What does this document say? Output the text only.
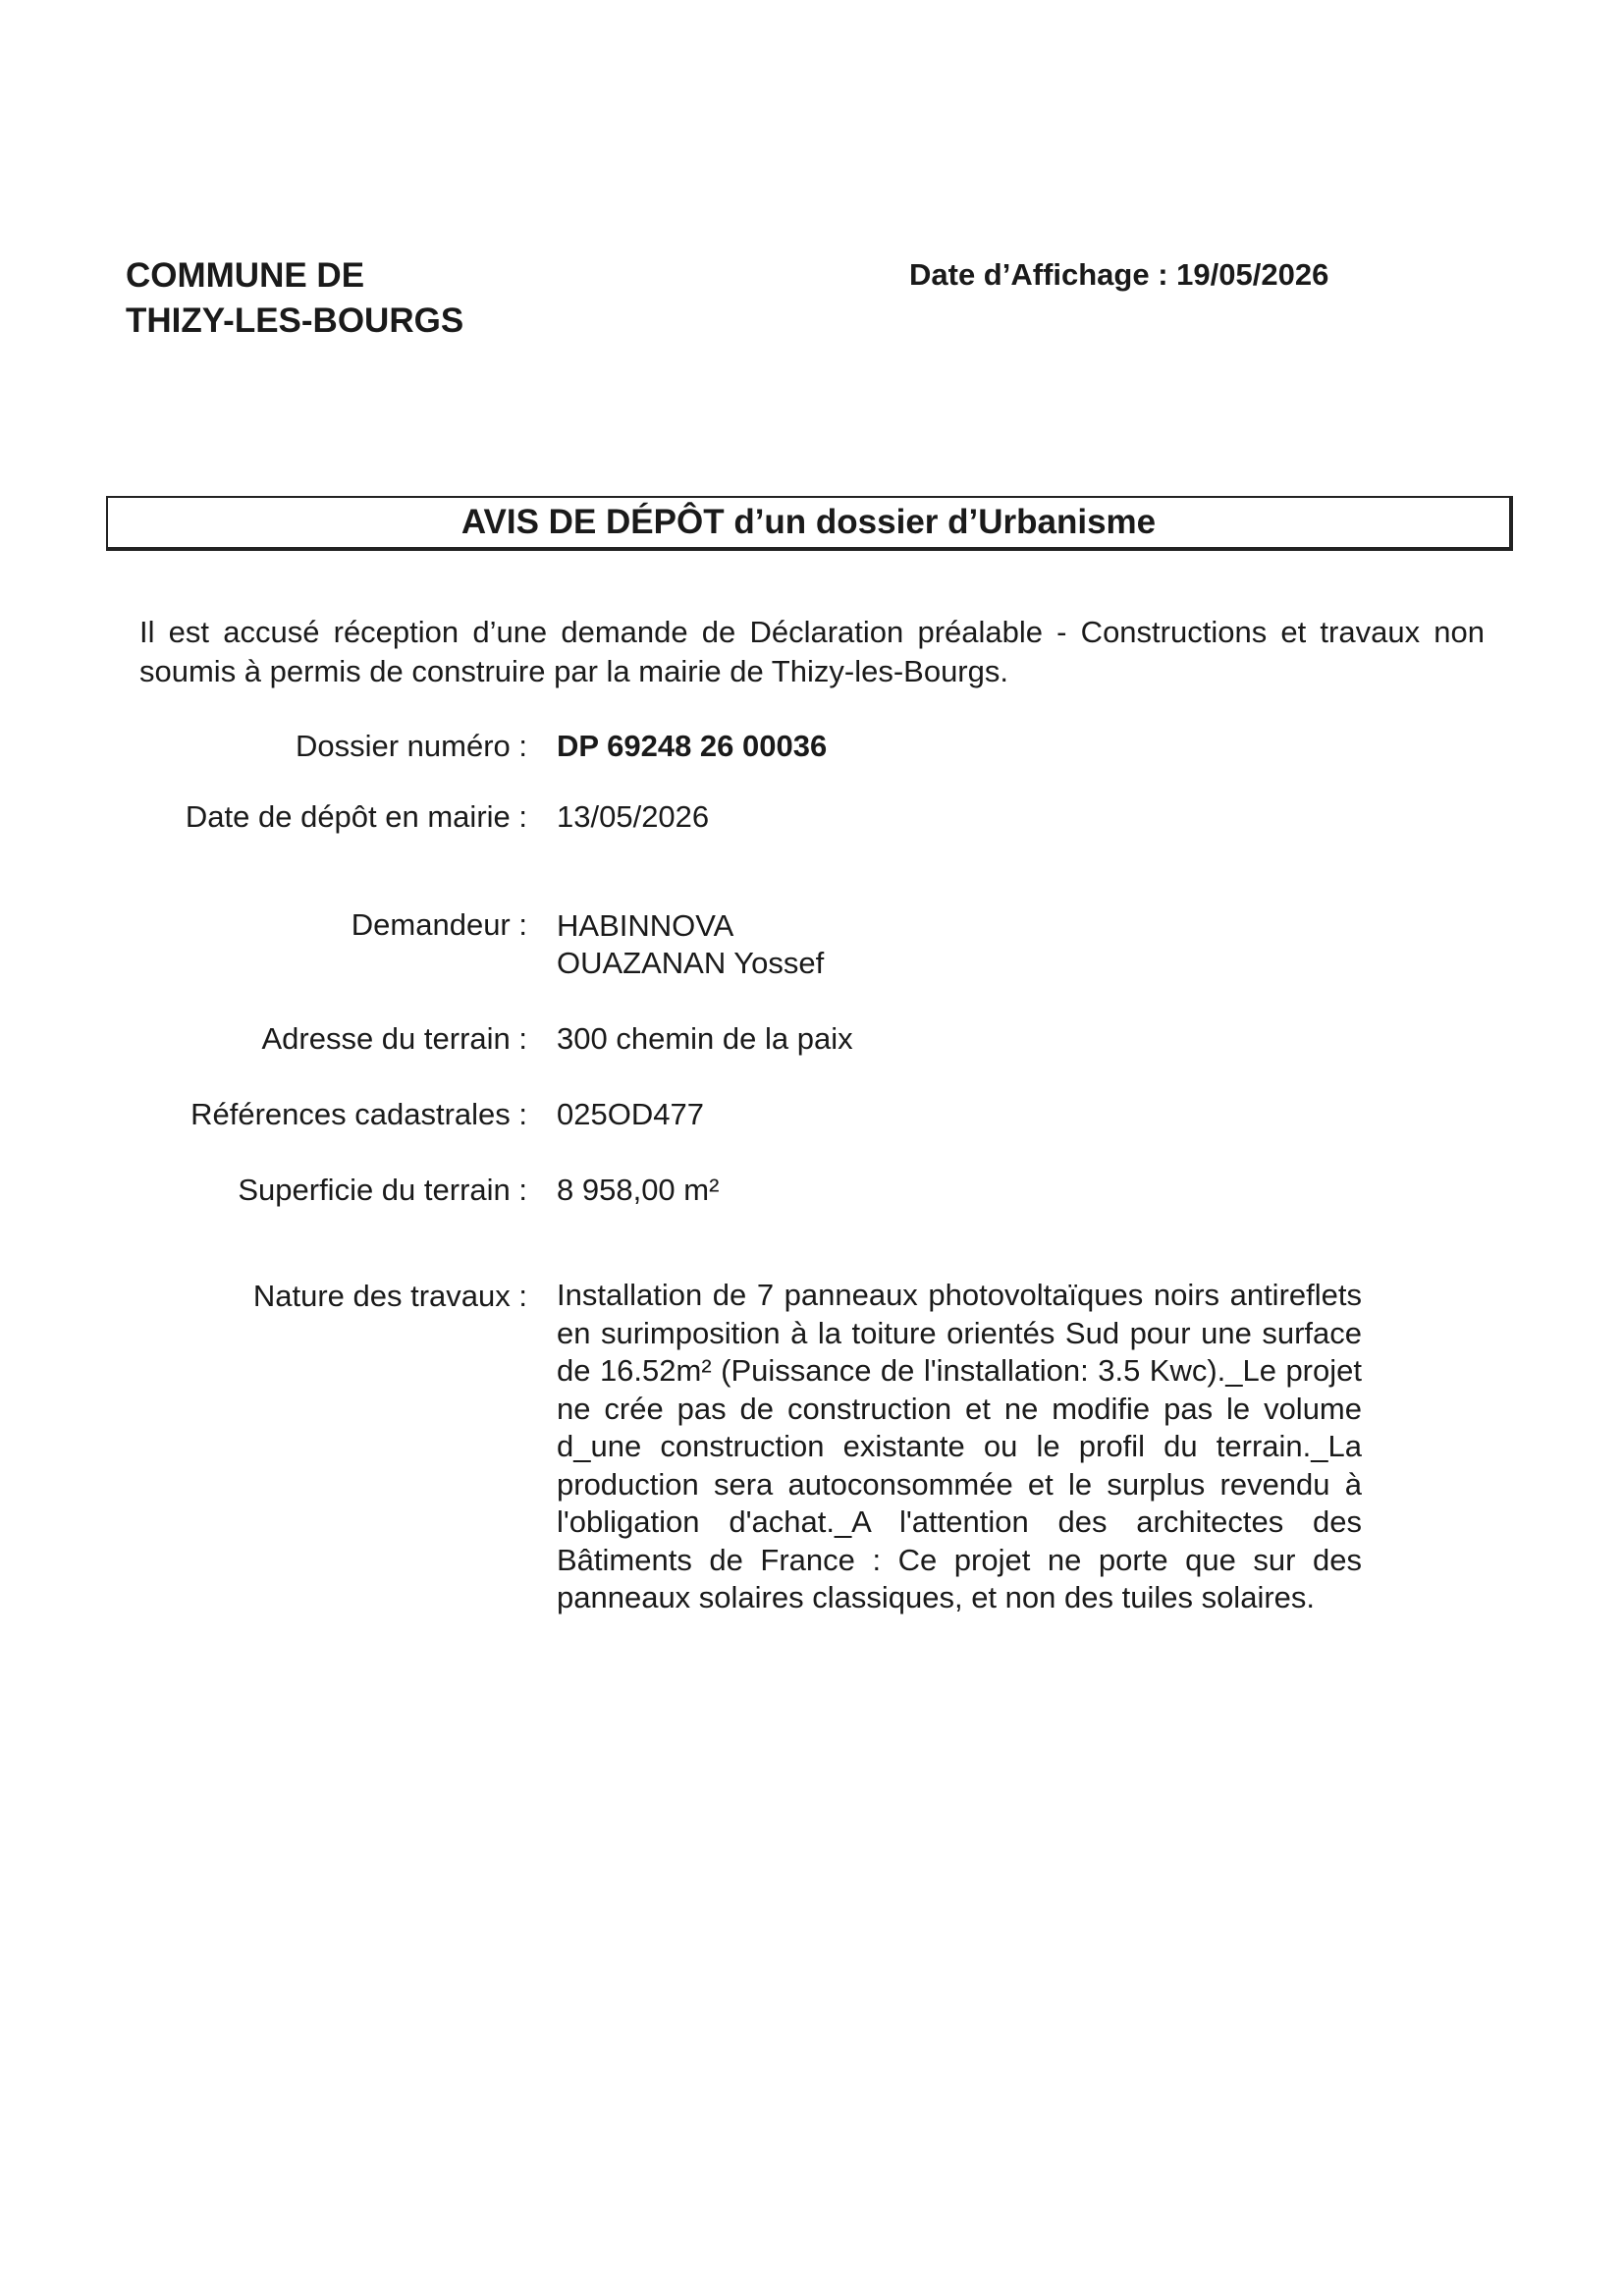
COMMUNE DE
THIZY-LES-BOURGS
Date d’Affichage : 19/05/2026
AVIS DE DÉPÔT d’un dossier d’Urbanisme
Il est accusé réception d’une demande de Déclaration préalable - Constructions et travaux non soumis à permis de construire par la mairie de Thizy-les-Bourgs.
Dossier numéro : DP 69248 26 00036
Date de dépôt en mairie : 13/05/2026
Demandeur : HABINNOVA
OUAZANAN Yossef
Adresse du terrain : 300 chemin de la paix
Références cadastrales : 025OD477
Superficie du terrain : 8 958,00 m²
Nature des travaux : Installation de 7 panneaux photovoltaïques noirs antireflets en surimposition à la toiture orientés Sud pour une surface de 16.52m² (Puissance de l'installation: 3.5 Kwc)._Le projet ne crée pas de construction et ne modifie pas le volume d_une construction existante ou le profil du terrain._La production sera autoconsommée et le surplus revendu à l'obligation d'achat._A l'attention des architectes des Bâtiments de France : Ce projet ne porte que sur des panneaux solaires classiques, et non des tuiles solaires.
